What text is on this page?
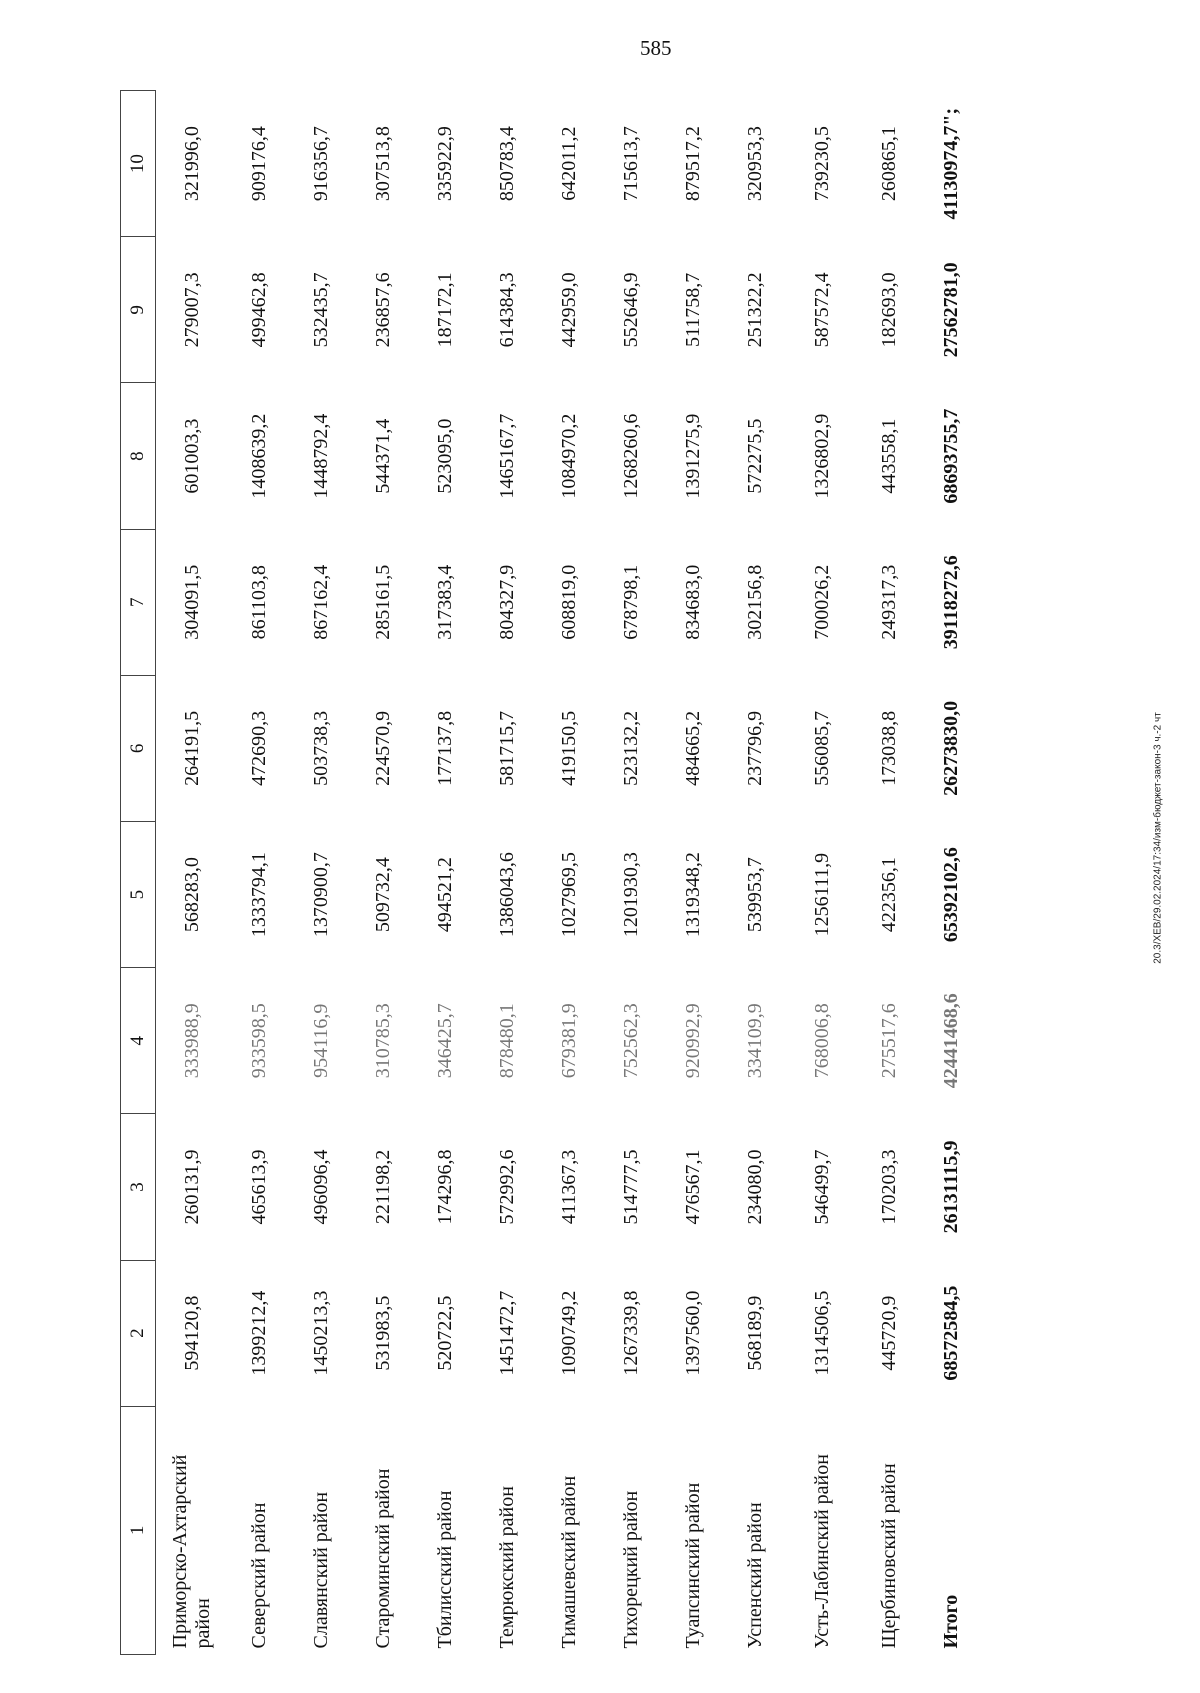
585
20.3/ХЕВ/29.02.2024/17:34/изм-бюджет-закон-3 ч.-2 чт
1	2	3	4	5	6	7	8	9	10
Приморско-Ахтарский район	594120,8	260131,9	333988,9	568283,0	264191,5	304091,5	601003,3	279007,3	321996,0
Северский район	1399212,4	465613,9	933598,5	1333794,1	472690,3	861103,8	1408639,2	499462,8	909176,4
Славянский район	1450213,3	496096,4	954116,9	1370900,7	503738,3	867162,4	1448792,4	532435,7	916356,7
Староминский район	531983,5	221198,2	310785,3	509732,4	224570,9	285161,5	544371,4	236857,6	307513,8
Тбилисский район	520722,5	174296,8	346425,7	494521,2	177137,8	317383,4	523095,0	187172,1	335922,9
Темрюкский район	1451472,7	572992,6	878480,1	1386043,6	581715,7	804327,9	1465167,7	614384,3	850783,4
Тимашевский район	1090749,2	411367,3	679381,9	1027969,5	419150,5	608819,0	1084970,2	442959,0	642011,2
Тихорецкий район	1267339,8	514777,5	752562,3	1201930,3	523132,2	678798,1	1268260,6	552646,9	715613,7
Туапсинский район	1397560,0	476567,1	920992,9	1319348,2	484665,2	834683,0	1391275,9	511758,7	879517,2
Успенский район	568189,9	234080,0	334109,9	539953,7	237796,9	302156,8	572275,5	251322,2	320953,3
Усть-Лабинский район	1314506,5	546499,7	768006,8	1256111,9	556085,7	700026,2	1326802,9	587572,4	739230,5
Щербиновский район	445720,9	170203,3	275517,6	422356,1	173038,8	249317,3	443558,1	182693,0	260865,1
Итого	68572584,5	26131115,9	42441468,6	65392102,6	26273830,0	39118272,6	68693755,7	27562781,0	41130974,7";
